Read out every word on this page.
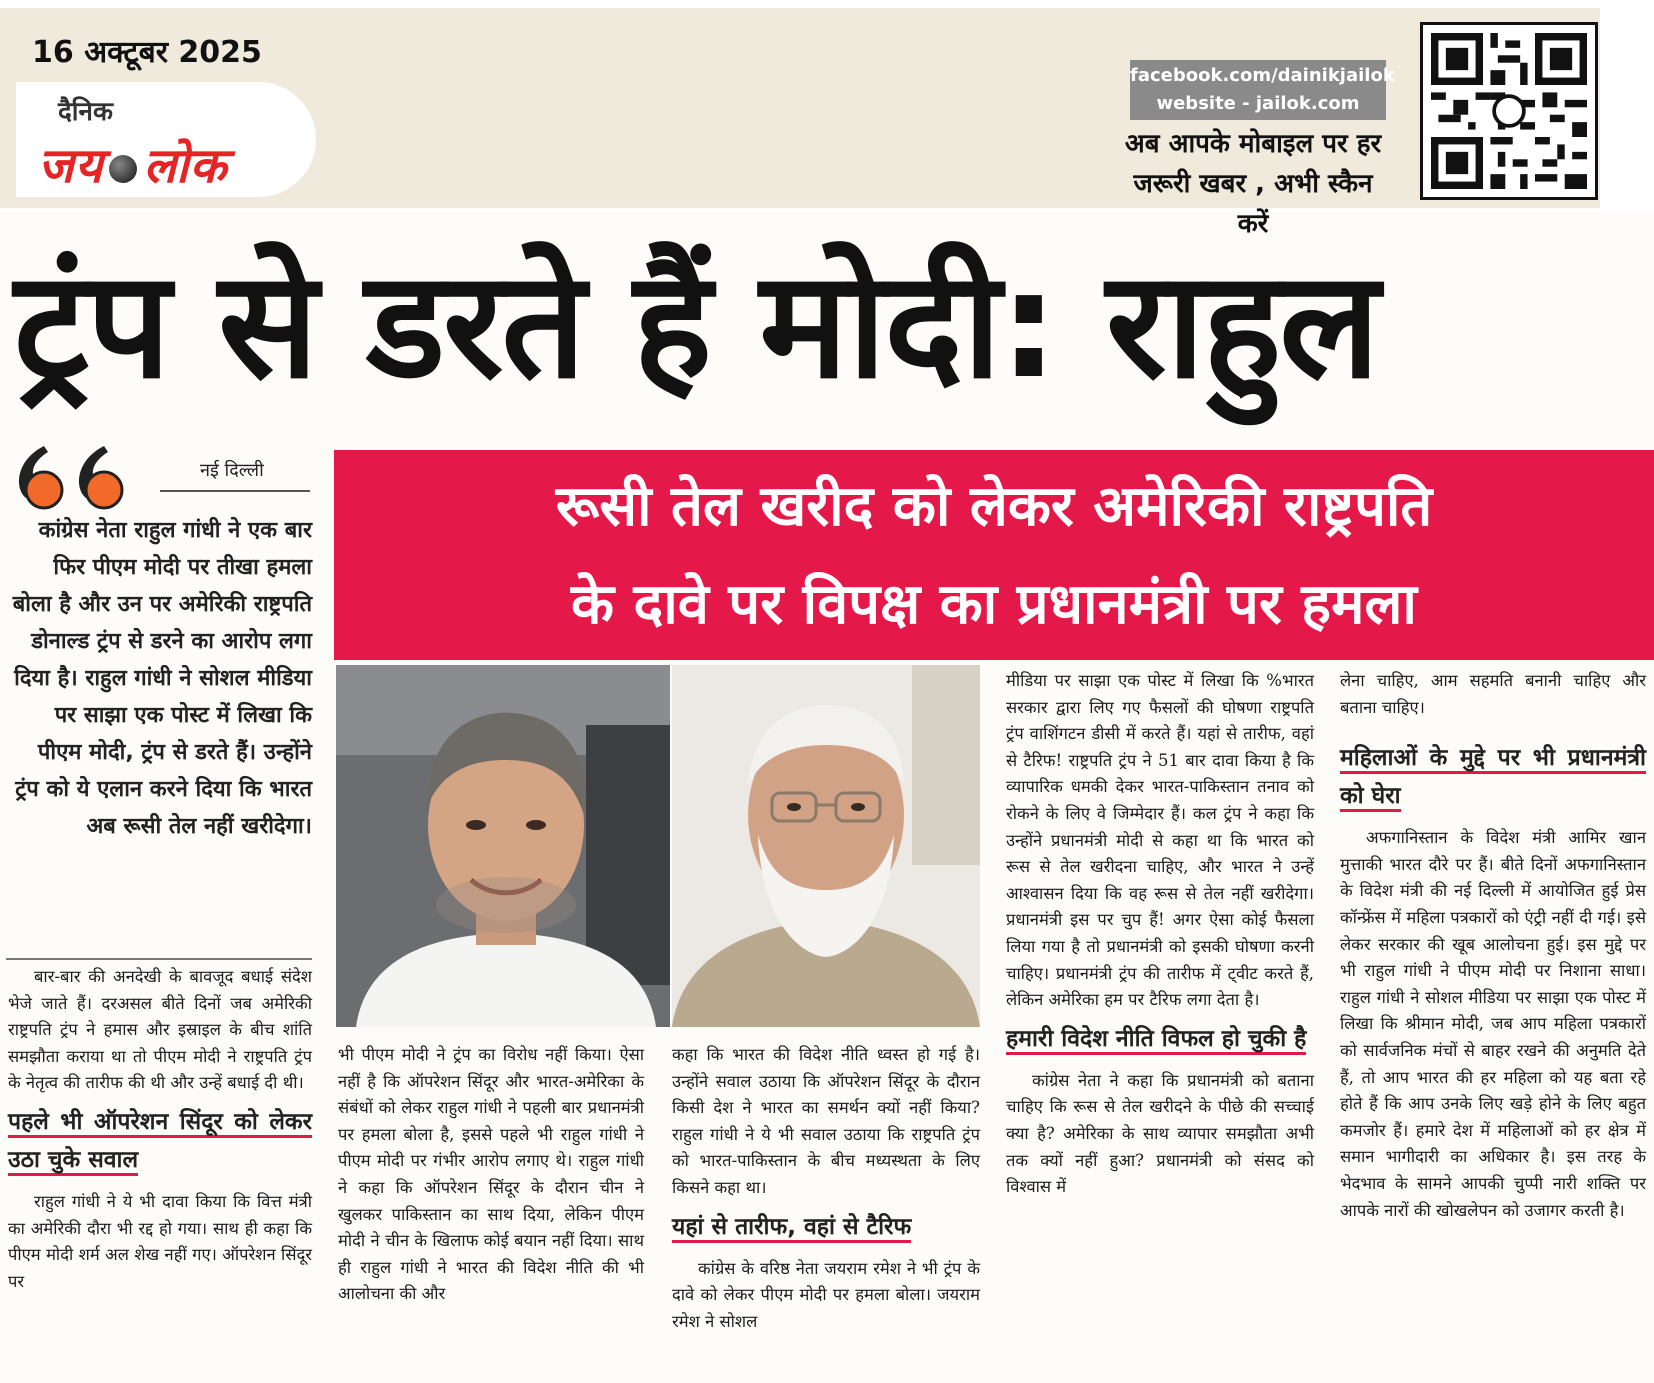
16 अक्टूबर 2025
दैनिक
जय लोक
facebook.com/dainikjailok
website - jailok.com
अब आपके मोबाइल पर हर
जरूरी खबर , अभी स्कैन करें
ट्रंप से डरते हैं मोदी: राहुल
नई दिल्ली
कांग्रेस नेता राहुल गांधी ने एक बार फिर पीएम मोदी पर तीखा हमला बोला है और उन पर अमेरिकी राष्ट्रपति डोनाल्ड ट्रंप से डरने का आरोप लगा दिया है। राहुल गांधी ने सोशल मीडिया पर साझा एक पोस्ट में लिखा कि पीएम मोदी, ट्रंप से डरते हैं। उन्होंने ट्रंप को ये एलान करने दिया कि भारत अब रूसी तेल नहीं खरीदेगा।
रूसी तेल खरीद को लेकर अमेरिकी राष्ट्रपति
के दावे पर विपक्ष का प्रधानमंत्री पर हमला

बार-बार की अनदेखी के बावजूद बधाई संदेश भेजे जाते हैं। दरअसल बीते दिनों जब अमेरिकी राष्ट्रपति ट्रंप ने हमास और इस्राइल के बीच शांति समझौता कराया था तो पीएम मोदी ने राष्ट्रपति ट्रंप के नेतृत्व की तारीफ की थी और उन्हें बधाई दी थी।

पहले भी ऑपरेशन सिंदूर को लेकर उठा चुके सवाल

राहुल गांधी ने ये भी दावा किया कि वित्त मंत्री का अमेरिकी दौरा भी रद्द हो गया। साथ ही कहा कि पीएम मोदी शर्म अल शेख नहीं गए। ऑपरेशन सिंदूर पर

भी पीएम मोदी ने ट्रंप का विरोध नहीं किया। ऐसा नहीं है कि ऑपरेशन सिंदूर और भारत-अमेरिका के संबंधों को लेकर राहुल गांधी ने पहली बार प्रधानमंत्री पर हमला बोला है, इससे पहले भी राहुल गांधी ने पीएम मोदी पर गंभीर आरोप लगाए थे। राहुल गांधी ने कहा कि ऑपरेशन सिंदूर के दौरान चीन ने खुलकर पाकिस्तान का साथ दिया, लेकिन पीएम मोदी ने चीन के खिलाफ कोई बयान नहीं दिया। साथ ही राहुल गांधी ने भारत की विदेश नीति की भी आलोचना की और
कहा कि भारत की विदेश नीति ध्वस्त हो गई है। उन्होंने सवाल उठाया कि ऑपरेशन सिंदूर के दौरान किसी देश ने भारत का समर्थन क्यों नहीं किया? राहुल गांधी ने ये भी सवाल उठाया कि राष्ट्रपति ट्रंप को भारत-पाकिस्तान के बीच मध्यस्थता के लिए किसने कहा था।
यहां से तारीफ, वहां से टैरिफ

कांग्रेस के वरिष्ठ नेता जयराम रमेश ने भी ट्रंप के दावे को लेकर पीएम मोदी पर हमला बोला। जयराम रमेश ने सोशल

मीडिया पर साझा एक पोस्ट में लिखा कि %भारत सरकार द्वारा लिए गए फैसलों की घोषणा राष्ट्रपति ट्रंप वाशिंगटन डीसी में करते हैं। यहां से तारीफ, वहां से टैरिफ! राष्ट्रपति ट्रंप ने 51 बार दावा किया है कि व्यापारिक धमकी देकर भारत-पाकिस्तान तनाव को रोकने के लिए वे जिम्मेदार हैं। कल ट्रंप ने कहा कि उन्होंने प्रधानमंत्री मोदी से कहा था कि भारत को रूस से तेल खरीदना चाहिए, और भारत ने उन्हें आश्वासन दिया कि वह रूस से तेल नहीं खरीदेगा। प्रधानमंत्री इस पर चुप हैं! अगर ऐसा कोई फैसला लिया गया है तो प्रधानमंत्री को इसकी घोषणा करनी चाहिए। प्रधानमंत्री ट्रंप की तारीफ में ट्वीट करते हैं, लेकिन अमेरिका हम पर टैरिफ लगा देता है।
हमारी विदेश नीति विफल हो चुकी है

कांग्रेस नेता ने कहा कि प्रधानमंत्री को बताना चाहिए कि रूस से तेल खरीदने के पीछे की सच्चाई क्या है? अमेरिका के साथ व्यापार समझौता अभी तक क्यों नहीं हुआ? प्रधानमंत्री को संसद को विश्वास में

लेना चाहिए, आम सहमति बनानी चाहिए और बताना चाहिए।
महिलाओं के मुद्दे पर भी प्रधानमंत्री को घेरा

अफगानिस्तान के विदेश मंत्री आमिर खान मुत्ताकी भारत दौरे पर हैं। बीते दिनों अफगानिस्तान के विदेश मंत्री की नई दिल्ली में आयोजित हुई प्रेस कॉन्फ्रेंस में महिला पत्रकारों को एंट्री नहीं दी गई। इसे लेकर सरकार की खूब आलोचना हुई। इस मुद्दे पर भी राहुल गांधी ने पीएम मोदी पर निशाना साधा। राहुल गांधी ने सोशल मीडिया पर साझा एक पोस्ट में लिखा कि श्रीमान मोदी, जब आप महिला पत्रकारों को सार्वजनिक मंचों से बाहर रखने की अनुमति देते हैं, तो आप भारत की हर महिला को यह बता रहे होते हैं कि आप उनके लिए खड़े होने के लिए बहुत कमजोर हैं। हमारे देश में महिलाओं को हर क्षेत्र में समान भागीदारी का अधिकार है। इस तरह के भेदभाव के सामने आपकी चुप्पी नारी शक्ति पर आपके नारों की खोखलेपन को उजागर करती है।
